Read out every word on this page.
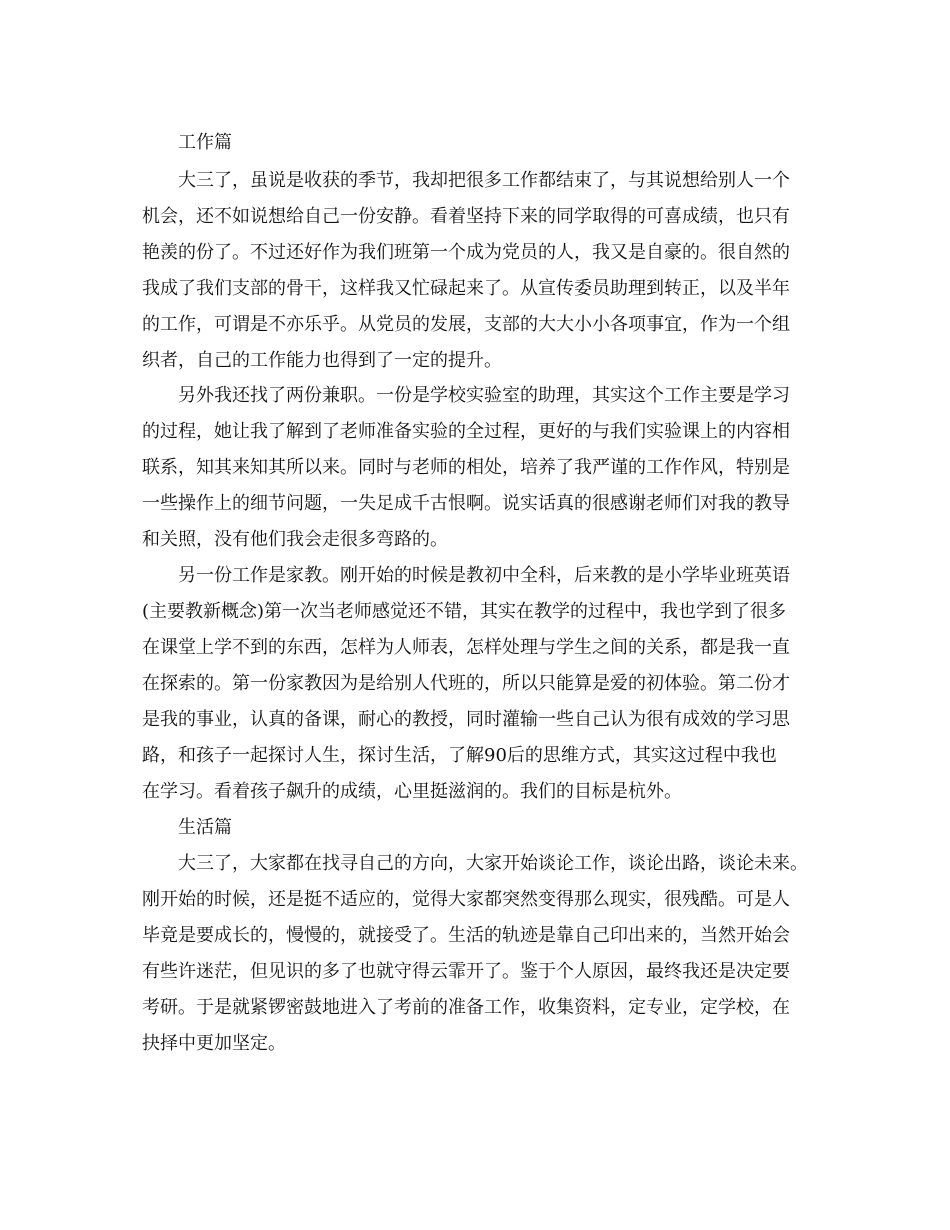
工作篇
大三了，虽说是收获的季节，我却把很多工作都结束了，与其说想给别人一个
机会，还不如说想给自己一份安静。看着坚持下来的同学取得的可喜成绩，也只有
艳羡的份了。不过还好作为我们班第一个成为党员的人，我又是自豪的。很自然的
我成了我们支部的骨干，这样我又忙碌起来了。从宣传委员助理到转正，以及半年
的工作，可谓是不亦乐乎。从党员的发展，支部的大大小小各项事宜，作为一个组
织者，自己的工作能力也得到了一定的提升。
另外我还找了两份兼职。一份是学校实验室的助理，其实这个工作主要是学习
的过程，她让我了解到了老师准备实验的全过程，更好的与我们实验课上的内容相
联系，知其来知其所以来。同时与老师的相处，培养了我严谨的工作作风，特别是
一些操作上的细节问题，一失足成千古恨啊。说实话真的很感谢老师们对我的教导
和关照，没有他们我会走很多弯路的。
另一份工作是家教。刚开始的时候是教初中全科，后来教的是小学毕业班英语
(主要教新概念)第一次当老师感觉还不错，其实在教学的过程中，我也学到了很多
在课堂上学不到的东西，怎样为人师表，怎样处理与学生之间的关系，都是我一直
在探索的。第一份家教因为是给别人代班的，所以只能算是爱的初体验。第二份才
是我的事业，认真的备课，耐心的教授，同时灌输一些自己认为很有成效的学习思
路，和孩子一起探讨人生，探讨生活，了解90后的思维方式，其实这过程中我也
在学习。看着孩子飙升的成绩，心里挺滋润的。我们的目标是杭外。
生活篇
大三了，大家都在找寻自己的方向，大家开始谈论工作，谈论出路，谈论未来。
刚开始的时候，还是挺不适应的，觉得大家都突然变得那么现实，很残酷。可是人
毕竟是要成长的，慢慢的，就接受了。生活的轨迹是靠自己印出来的，当然开始会
有些许迷茫，但见识的多了也就守得云霏开了。鉴于个人原因，最终我还是决定要
考研。于是就紧锣密鼓地进入了考前的准备工作，收集资料，定专业，定学校，在
抉择中更加坚定。
